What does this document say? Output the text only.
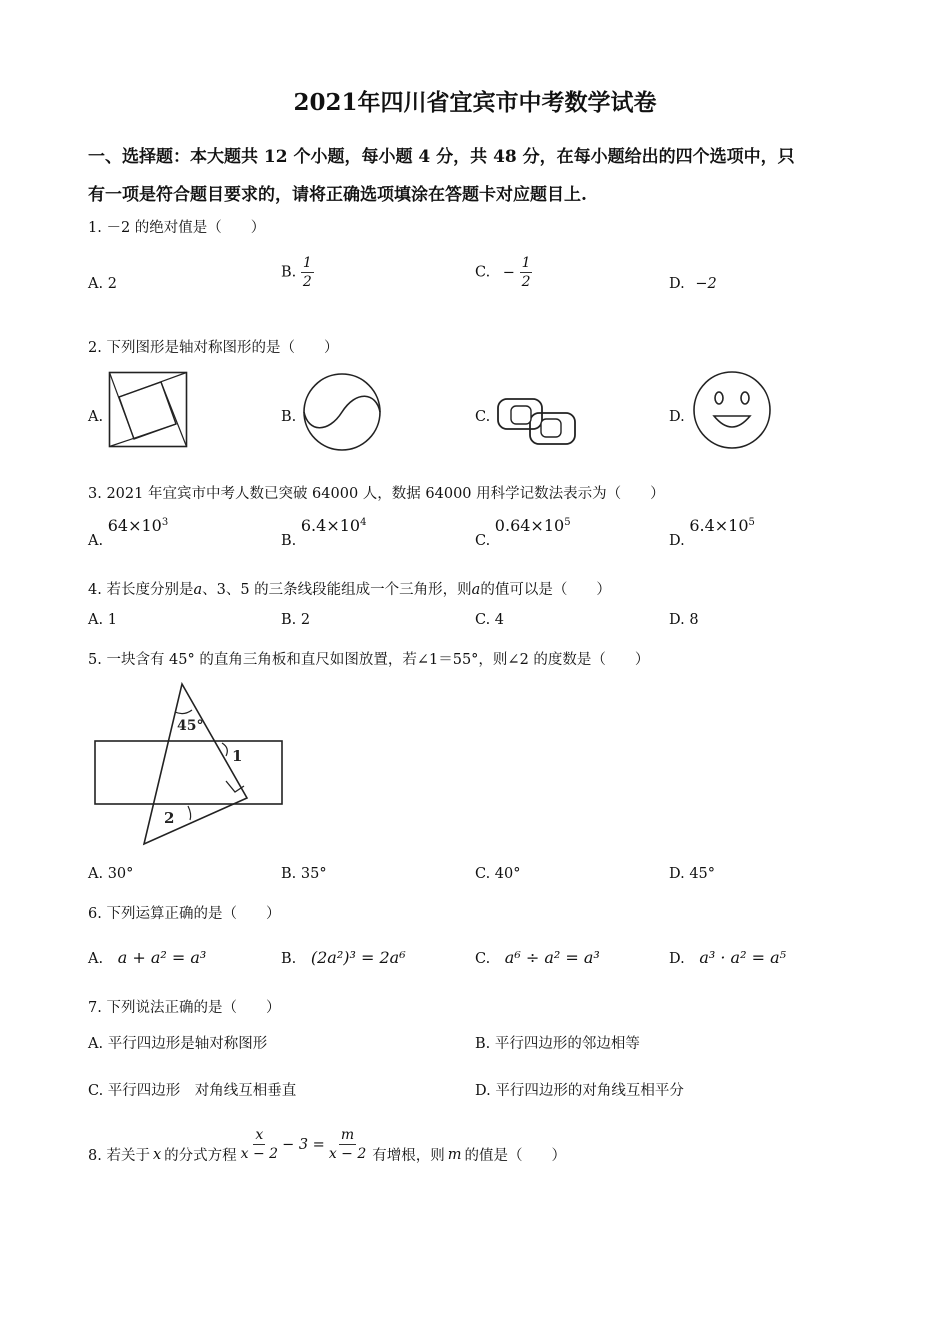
2021年四川省宜宾市中考数学试卷
一、选择题：本大题共 12 个小题，每小题 4 分，共 48 分，在每小题给出的四个选项中，只
有一项是符合题目要求的，请将正确选项填涂在答题卡对应题目上.
1. －2 的绝对值是（　　）
A. 2
B. $\frac{1}{2}$	C. − $\frac{1}{2}$	D. −2
2. 下列图形是轴对称图形的是（　　）
A.	B.	C.	D.
3. 2021 年宜宾市中考人数已突破 64000 人，数据 64000 用科学记数法表示为（　　）
A. $64\times 10^3$
B. $6.4\times 10^4$
C. $0.64\times 10^5$
D. $6.4\times 10^5$
4. 若长度分别是a、3、5 的三条线段能组成一个三角形，则a的值可以是（　　）
A. 1	B. 2	C. 4	D. 8
5. 一块含有 45° 的直角三角板和直尺如图放置，若∠1＝55°，则∠2 的度数是（　　）
45°
1
2
A. 30°	B. 35°	C. 40°	D. 45°
6. 下列运算正确的是（　　）
A. a + a² = a³	B. (2a²)³ = 2a⁶	C. a⁶ ÷ a² = a³	D. a³ · a² = a⁵
7. 下列说法正确的是（　　）
A. 平行四边形是轴对称图形	B. 平行四边形的邻边相等
C. 平行四边形　对角线互相垂直	D. 平行四边形的对角线互相平分
8. 若关于 x 的分式方程 $\frac{x}{x - 2} - 3 = \frac{m}{x - 2}$ 有增根，则 m 的值是（　　）
